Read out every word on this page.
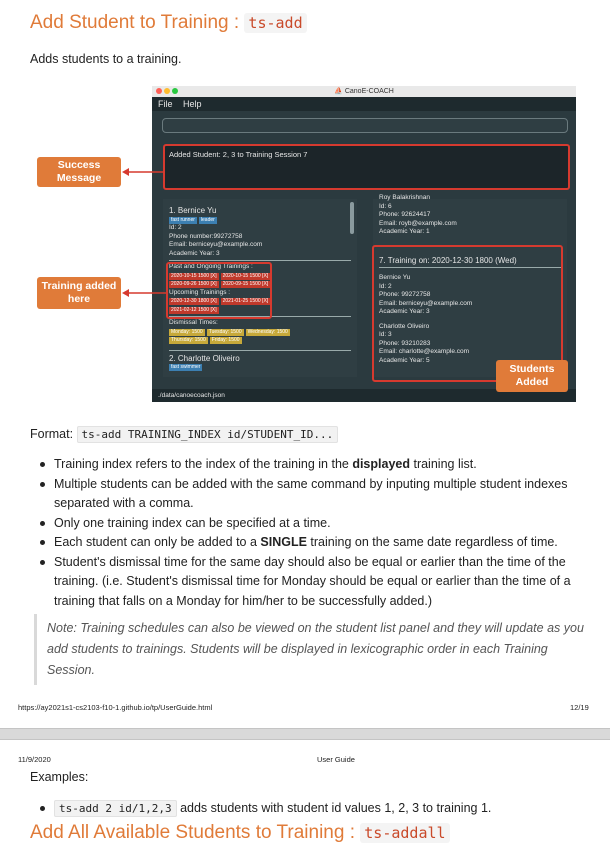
Add Student to Training : ts-add
Adds students to a training.
⛵ CanoE-COACH
File Help
Added Student: 2, 3 to Training Session 7
1. Bernice Yu
fast runner leader
Id: 2
Phone number:99272758
Email: berniceyu@example.com
Academic Year: 3
Past and Ongoing Trainings :
2020-10-15 1500 [X] 2020-10-15 1500 [X]
2020-09-26 1500 [X] 2020-09-15 1500 [X]
Upcoming Trainings :
2020-12-30 1800 [X] 2021-01-25 1500 [X]
2021-02-12 1500 [X]
Dismissal Times:
Monday: 1500 Tuesday: 1500 Wednesday: 1500
Thursday: 1500 Friday: 1500
2. Charlotte Oliveiro
fast swimmer
Roy Balakrishnan
Id: 6
Phone: 92624417
Email: royb@example.com
Academic Year: 1
7. Training on: 2020-12-30 1800 (Wed)
Bernice Yu
Id: 2
Phone: 99272758
Email: berniceyu@example.com
Academic Year: 3
Charlotte Oliveiro
Id: 3
Phone: 93210283
Email: charlotte@example.com
Academic Year: 5
./data/canoecoach.json
Success Message
Training added here
Students Added
Format: ts-add TRAINING_INDEX id/STUDENT_ID...
Training index refers to the index of the training in the displayed training list.
Multiple students can be added with the same command by inputing multiple student indexes separated with a comma.
Only one training index can be specified at a time.
Each student can only be added to a SINGLE training on the same date regardless of time.
Student's dismissal time for the same day should also be equal or earlier than the time of the training. (i.e. Student's dismissal time for Monday should be equal or earlier than the time of a training that falls on a Monday for him/her to be successfully added.)
Note: Training schedules can also be viewed on the student list panel and they will update as you add students to trainings. Students will be displayed in lexicographic order in each Training Session.
https://ay2021s1-cs2103-f10-1.github.io/tp/UserGuide.html	12/19
11/9/2020	User Guide
Examples:
ts-add 2 id/1,2,3 adds students with student id values 1, 2, 3 to training 1.
Add All Available Students to Training : ts-addall
